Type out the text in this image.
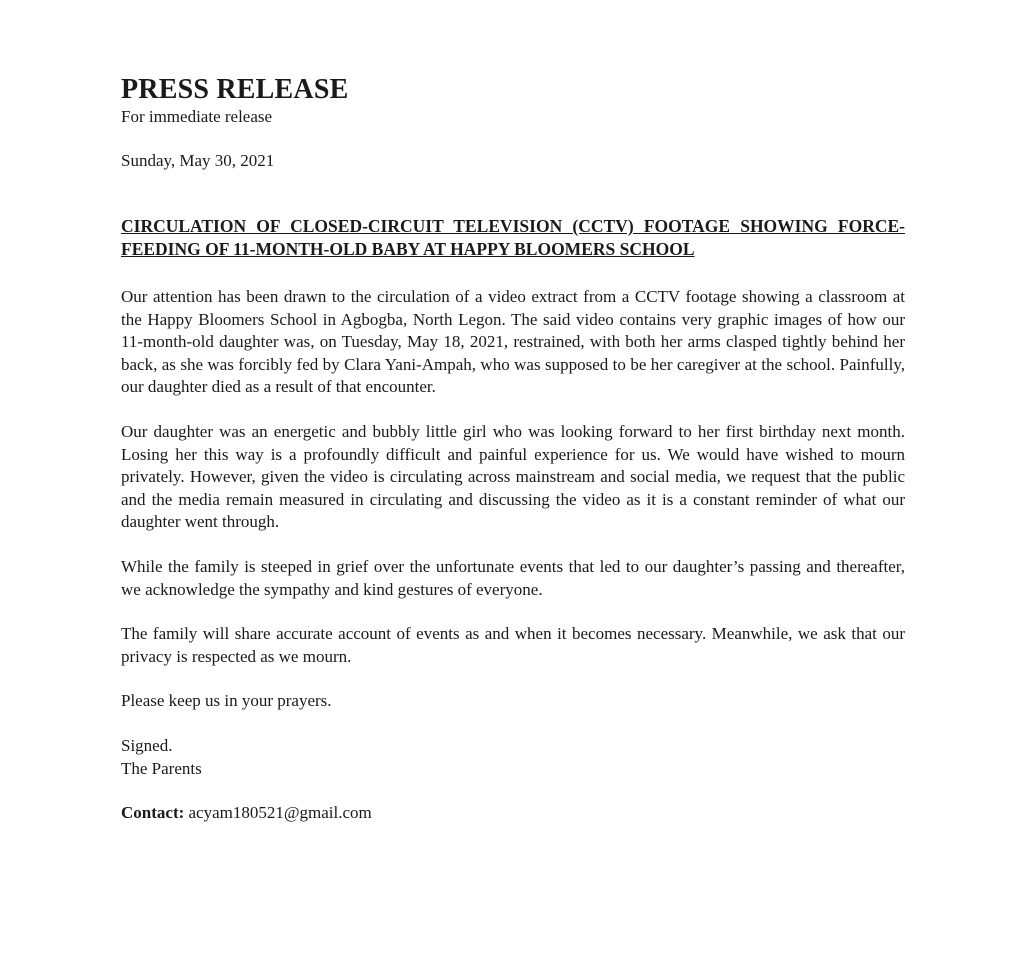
PRESS RELEASE

For immediate release

Sunday, May 30, 2021

CIRCULATION OF CLOSED-CIRCUIT TELEVISION (CCTV) FOOTAGE SHOWING FORCE-FEEDING OF 11-MONTH-OLD BABY AT HAPPY BLOOMERS SCHOOL

Our attention has been drawn to the circulation of a video extract from a CCTV footage showing a classroom at the Happy Bloomers School in Agbogba, North Legon. The said video contains very graphic images of how our 11-month-old daughter was, on Tuesday, May 18, 2021, restrained, with both her arms clasped tightly behind her back, as she was forcibly fed by Clara Yani-Ampah, who was supposed to be her caregiver at the school. Painfully, our daughter died as a result of that encounter.

Our daughter was an energetic and bubbly little girl who was looking forward to her first birthday next month. Losing her this way is a profoundly difficult and painful experience for us. We would have wished to mourn privately. However, given the video is circulating across mainstream and social media, we request that the public and the media remain measured in circulating and discussing the video as it is a constant reminder of what our daughter went through.

While the family is steeped in grief over the unfortunate events that led to our daughter’s passing and thereafter, we acknowledge the sympathy and kind gestures of everyone.

The family will share accurate account of events as and when it becomes necessary. Meanwhile, we ask that our privacy is respected as we mourn.

Please keep us in your prayers.

Signed.
The Parents

Contact: acyam180521@gmail.com
